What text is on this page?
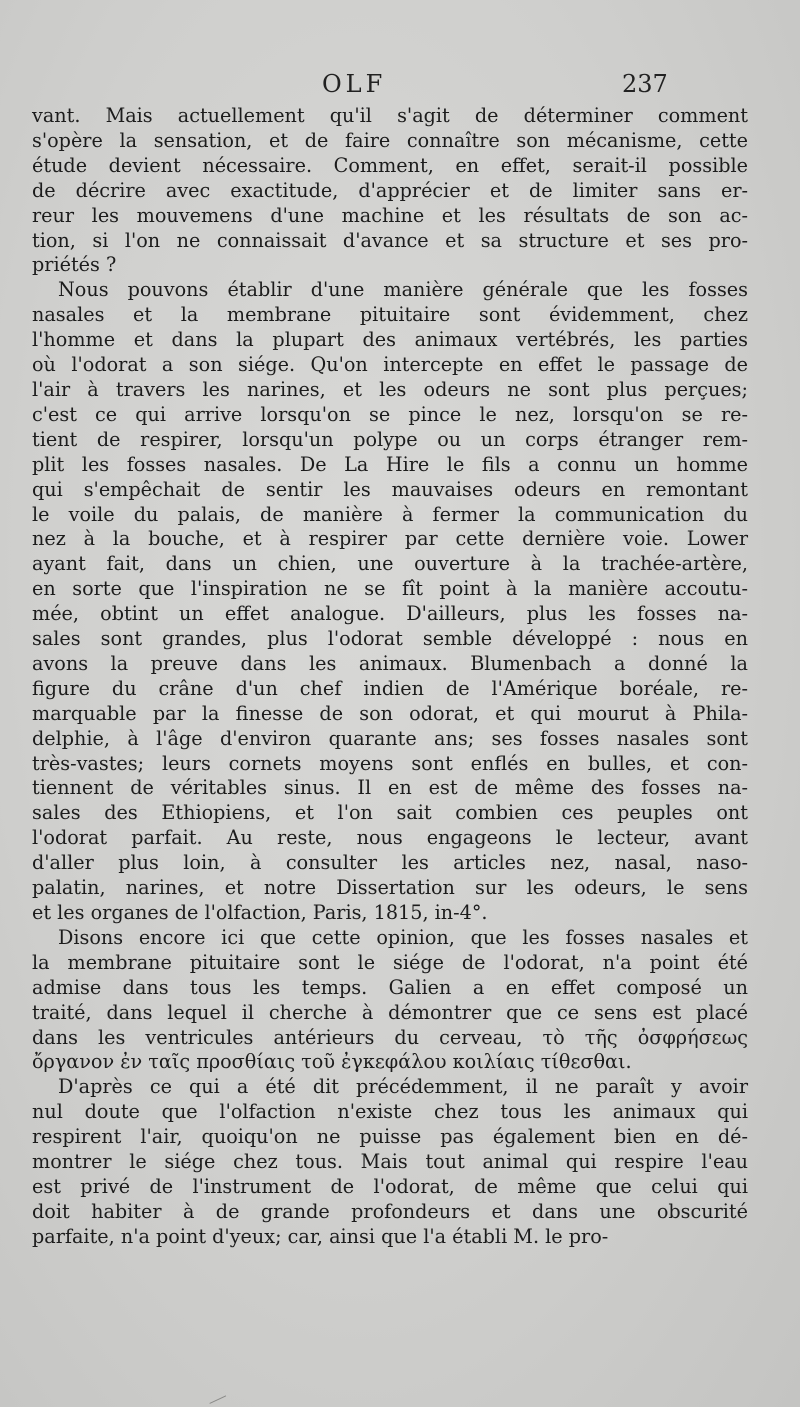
OLF	237

vant. Mais actuellement qu'il s'agit de déterminer comment
s'opère la sensation, et de faire connaître son mécanisme, cette
étude devient nécessaire. Comment, en effet, serait-il possible
de décrire avec exactitude, d'apprécier et de limiter sans er-
reur les mouvemens d'une machine et les résultats de son ac-
tion, si l'on ne connaissait d'avance et sa structure et ses pro-
priétés ?

Nous pouvons établir d'une manière générale que les fosses
nasales et la membrane pituitaire sont évidemment, chez
l'homme et dans la plupart des animaux vertébrés, les parties
où l'odorat a son siége. Qu'on intercepte en effet le passage de
l'air à travers les narines, et les odeurs ne sont plus perçues;
c'est ce qui arrive lorsqu'on se pince le nez, lorsqu'on se re-
tient de respirer, lorsqu'un polype ou un corps étranger rem-
plit les fosses nasales. De La Hire le fils a connu un homme
qui s'empêchait de sentir les mauvaises odeurs en remontant
le voile du palais, de manière à fermer la communication du
nez à la bouche, et à respirer par cette dernière voie. Lower
ayant fait, dans un chien, une ouverture à la trachée-artère,
en sorte que l'inspiration ne se fît point à la manière accoutu-
mée, obtint un effet analogue. D'ailleurs, plus les fosses na-
sales sont grandes, plus l'odorat semble développé : nous en
avons la preuve dans les animaux. Blumenbach a donné la
figure du crâne d'un chef indien de l'Amérique boréale, re-
marquable par la finesse de son odorat, et qui mourut à Phila-
delphie, à l'âge d'environ quarante ans; ses fosses nasales sont
très-vastes; leurs cornets moyens sont enflés en bulles, et con-
tiennent de véritables sinus. Il en est de même des fosses na-
sales des Ethiopiens, et l'on sait combien ces peuples ont
l'odorat parfait. Au reste, nous engageons le lecteur, avant
d'aller plus loin, à consulter les articles nez, nasal, naso-
palatin, narines, et notre Dissertation sur les odeurs, le sens
et les organes de l'olfaction, Paris, 1815, in-4°.

Disons encore ici que cette opinion, que les fosses nasales et
la membrane pituitaire sont le siége de l'odorat, n'a point été
admise dans tous les temps. Galien a en effet composé un
traité, dans lequel il cherche à démontrer que ce sens est placé
dans les ventricules antérieurs du cerveau, τὸ τῆς ὀσφρήσεως
ὄργανον ἐν ταῖς προσθίαις τοῦ ἐγκεφάλου κοιλίαις τίθεσθαι.

D'après ce qui a été dit précédemment, il ne paraît y avoir
nul doute que l'olfaction n'existe chez tous les animaux qui
respirent l'air, quoiqu'on ne puisse pas également bien en dé-
montrer le siége chez tous. Mais tout animal qui respire l'eau
est privé de l'instrument de l'odorat, de même que celui qui
doit habiter à de grande profondeurs et dans une obscurité
parfaite, n'a point d'yeux; car, ainsi que l'a établi M. le pro-
